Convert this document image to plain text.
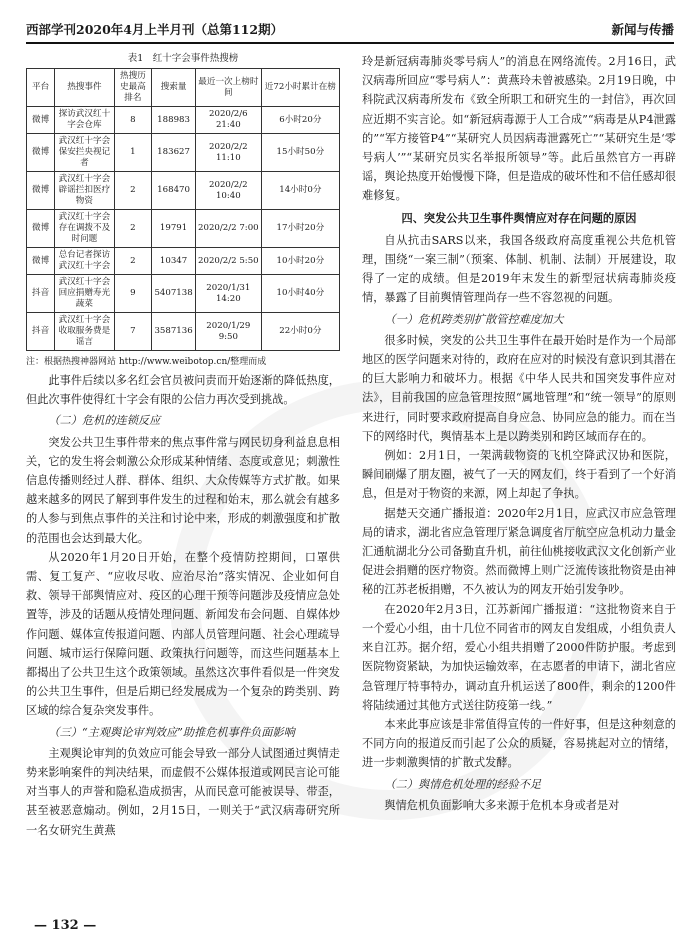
西部学刊2020年4月上半月刊（总第112期）	新闻与传播
表1　红十字会事件热搜榜
平台	热搜事件	热搜历史最高排名	搜索量	最近一次上榜时间	近72小时累计在榜
微博	探访武汉红十字会仓库	8	188983	2020/2/6 21:40	6小时20分
微博	武汉红十字会保安拦央视记者	1	183627	2020/2/2 11:10	15小时50分
微博	武汉红十字会辟谣拦扣医疗物资	2	168470	2020/2/2 10:40	14小时0分
微博	武汉红十字会存在调拨不及时问题	2	19791	2020/2/2 7:00	17小时20分
微博	总台记者探访武汉红十字会	2	10347	2020/2/2 5:50	10小时20分
抖音	武汉红十字会回应捐赠寿光蔬菜	9	5407138	2020/1/31 14:20	10小时40分
抖音	武汉红十字会收取服务费是谣言	7	3587136	2020/1/29 9:50	22小时0分

注：根据热搜神器网站 http://www.weibotop.cn/整理而成

此事件后续以多名红会官员被问责而开始逐渐的降低热度，但此次事件使得红十字会有限的公信力再次受到挑战。

（二）危机的连锁反应

突发公共卫生事件带来的焦点事件常与网民切身利益息息相关，它的发生将会刺激公众形成某种情绪、态度或意见；刺激性信息传播则经过人群、群体、组织、大众传媒等方式扩散。如果越来越多的网民了解到事件发生的过程和始末，那么就会有越多的人参与到焦点事件的关注和讨论中来，形成的刺激强度和扩散的范围也会达到最大化。

从2020年1月20日开始，在整个疫情防控期间，口罩供需、复工复产、“应收尽收、应治尽治”落实情况、企业如何自救、领导干部舆情应对、疫区的心理干预等问题涉及疫情应急处置等，涉及的话题从疫情处理问题、新闻发布会问题、自媒体炒作问题、媒体宣传报道问题、内部人员管理问题、社会心理疏导问题、城市运行保障问题、政策执行问题等，而这些问题基本上都揭出了公共卫生这个政策领域。虽然这次事件看似是一件突发的公共卫生事件，但是后期已经发展成为一个复杂的跨类别、跨区域的综合复杂突发事件。

（三）“主观舆论审判效应”助推危机事件负面影响

主观舆论审判的负效应可能会导致一部分人试图通过舆情走势来影响案件的判决结果，而虚假不公媒体报道或网民言论可能对当事人的声誉和隐私造成损害，从而民意可能被误导、带歪，甚至被恶意煽动。例如，2月15日，一则关于“武汉病毒研究所一名女研究生黄燕

玲是新冠病毒肺炎零号病人”的消息在网络流传。2月16日，武汉病毒所回应“零号病人”：黄燕玲未曾被感染。2月19日晚，中科院武汉病毒所发布《致全所职工和研究生的一封信》，再次回应近期不实言论。如“新冠病毒源于人工合成”“病毒是从P4泄露的”“军方接管P4”“某研究人员因病毒泄露死亡”“某研究生是‘零号病人’”“某研究员实名举报所领导”等。此后虽然官方一再辟谣，舆论热度开始慢慢下降，但是造成的破坏性和不信任感却很难修复。

四、突发公共卫生事件舆情应对存在问题的原因

自从抗击SARS以来，我国各级政府高度重视公共危机管理，围绕“一案三制”（预案、体制、机制、法制）开展建设，取得了一定的成绩。但是2019年末发生的新型冠状病毒肺炎疫情，暴露了目前舆情管理尚存一些不容忽视的问题。

（一）危机跨类别扩散管控难度加大

很多时候，突发的公共卫生事件在最开始时是作为一个局部地区的医学问题来对待的，政府在应对的时候没有意识到其潜在的巨大影响力和破坏力。根据《中华人民共和国突发事件应对法》，目前我国的应急管理按照“属地管理”和“统一领导”的原则来进行，同时要求政府提高自身应急、协同应急的能力。而在当下的网络时代，舆情基本上是以跨类别和跨区域而存在的。

例如：2月1日，一架满载物资的飞机空降武汉协和医院，瞬间刷爆了朋友圈，被气了一天的网友们，终于看到了一个好消息，但是对于物资的来源，网上却起了争执。

据楚天交通广播报道：2020年2月1日，应武汉市应急管理局的请求，湖北省应急管理厅紧急调度省厅航空应急机动力量金汇通航湖北分公司备勤直升机，前往仙桃接收武汉文化创新产业促进会捐赠的医疗物资。然而微博上则广泛流传该批物资是由神秘的江苏老板捐赠，不久被认为的网友开始引发争吵。

在2020年2月3日，江苏新闻广播报道：“这批物资来自于一个爱心小组，由十几位不同省市的网友自发组成，小组负责人来自江苏。据介绍，爱心小组共捐赠了2000件防护服。考虑到医院物资紧缺，为加快运输效率，在志愿者的申请下，湖北省应急管理厅特事特办，调动直升机运送了800件，剩余的1200件将陆续通过其他方式送往防疫第一线。”

本来此事应该是非常值得宣传的一件好事，但是这种刻意的不同方向的报道反而引起了公众的质疑，容易挑起对立的情绪，进一步刺激舆情的扩散式发酵。

（二）舆情危机处理的经验不足

舆情危机负面影响大多来源于危机本身或者是对

— 132 —
